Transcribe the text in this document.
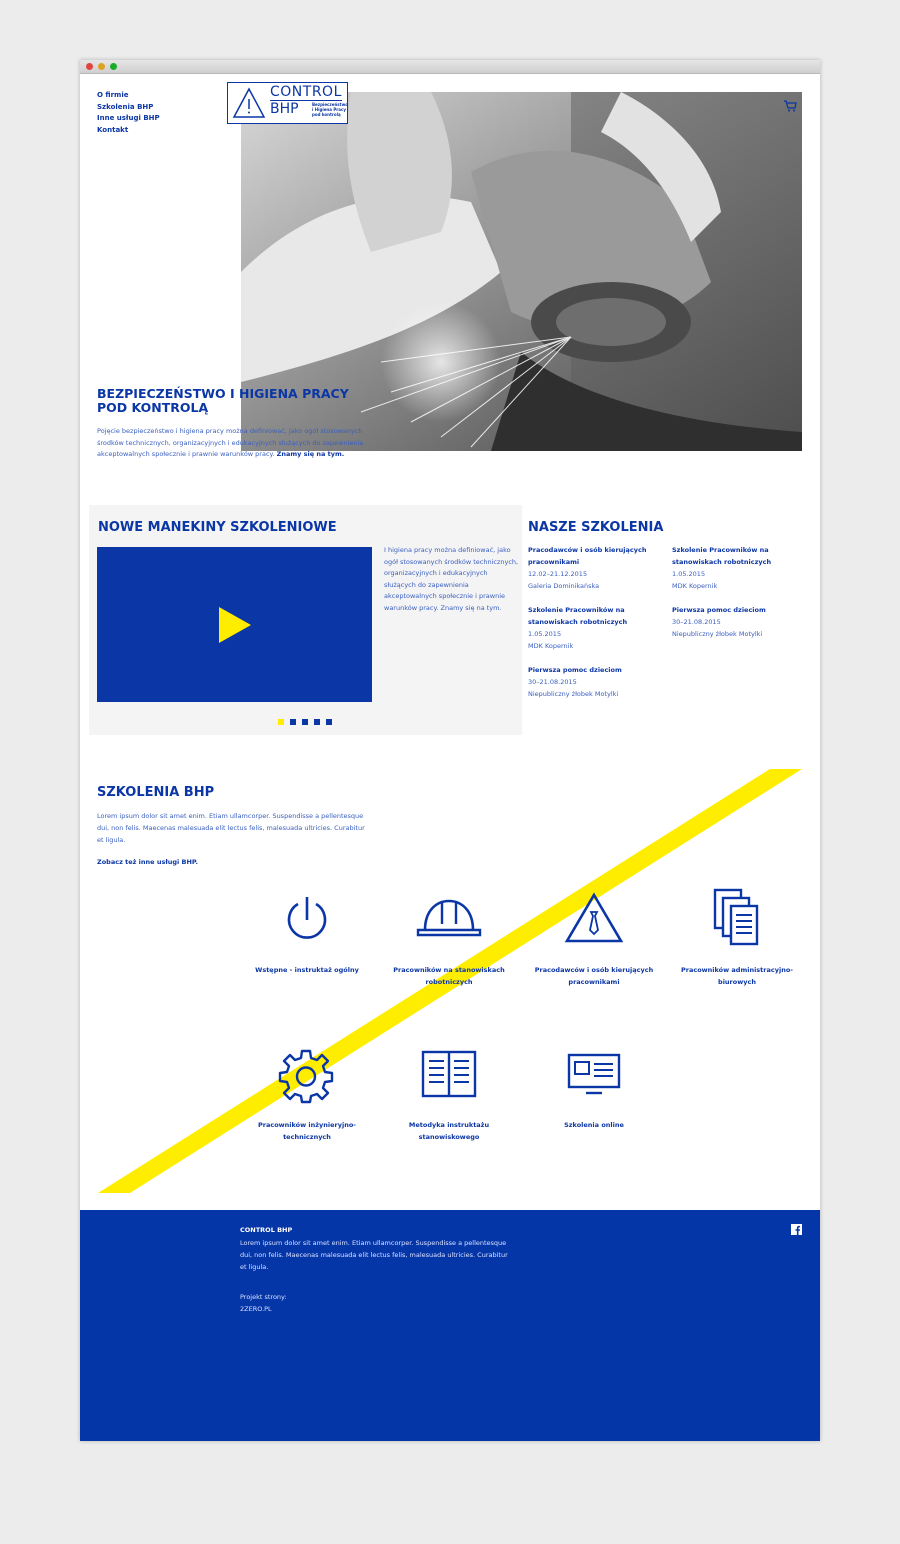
O firmie
Szkolenia BHP
Inne usługi BHP
Kontakt
CONTROL
BHP	Bezpieczeństwo
i Higiena Pracy
pod kontrolą
BEZPIECZEŃSTWO I HIGIENA PRACY POD KONTROLĄ
Pojęcie bezpieczeństwo i higiena pracy można definiować, jako ogół stosowanych środków technicznych, organizacyjnych i edukacyjnych służących do zapewnienia akceptowalnych społecznie i prawnie warunków pracy. Znamy się na tym.
NOWE MANEKINY SZKOLENIOWE
I higiena pracy można definiować, jako ogół stosowanych środków technicznych, organizacyjnych i edukacyjnych służących do zapewnienia akceptowalnych społecznie i prawnie warunków pracy. Znamy się na tym.
NASZE SZKOLENIA
Pracodawców i osób kierujących pracownikami
12.02–21.12.2015
Galeria Dominikańska
Szkolenie Pracowników na stanowiskach robotniczych
1.05.2015
MDK Kopernik
Pierwsza pomoc dzieciom
30–21.08.2015
Niepubliczny żłobek Motylki
Szkolenie Pracowników na stanowiskach robotniczych
1.05.2015
MDK Kopernik
Pierwsza pomoc dzieciom
30–21.08.2015
Niepubliczny żłobek Motylki
SZKOLENIA BHP
Lorem ipsum dolor sit amet enim. Etiam ullamcorper. Suspendisse a pellentesque dui, non felis. Maecenas malesuada elit lectus felis, malesuada ultricies. Curabitur et ligula.
Zobacz też inne usługi BHP.
Wstępne - instruktaż ogólny	Pracowników na stanowiskach robotniczych
Pracodawców i osób kierujących pracownikami
Pracowników administracyjno-biurowych
Pracowników inżynieryjno- technicznych
Metodyka instruktażu stanowiskowego
Szkolenia online
CONTROL BHP
Lorem ipsum dolor sit amet enim. Etiam ullamcorper. Suspendisse a pellentesque dui, non felis. Maecenas malesuada elit lectus felis, malesuada ultricies. Curabitur et ligula.
Projekt strony:
2ZERO.PL
